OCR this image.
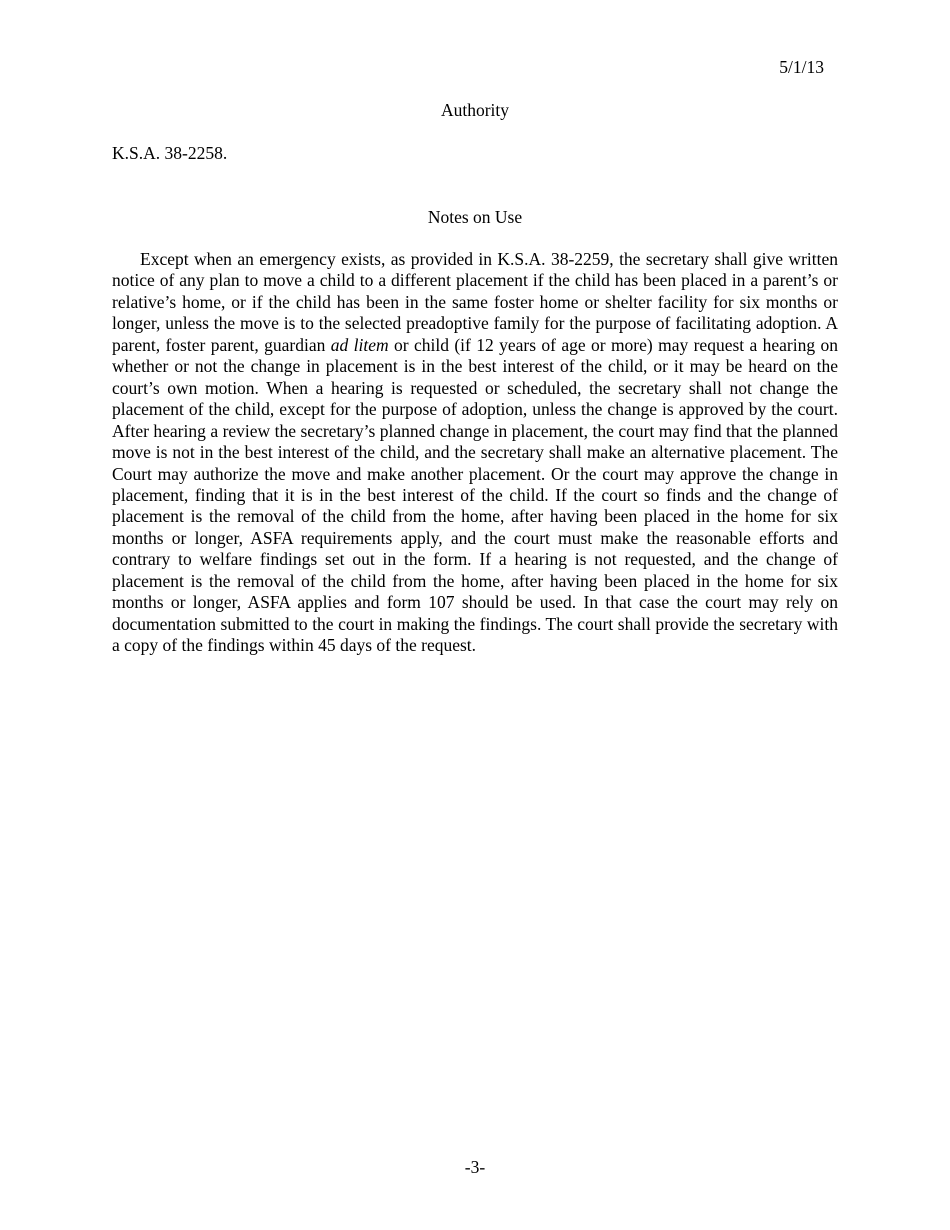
5/1/13
Authority
K.S.A. 38-2258.
Notes on Use

Except when an emergency exists, as provided in K.S.A. 38-2259, the secretary shall give written notice of any plan to move a child to a different placement if the child has been placed in a parent’s or relative’s home, or if the child has been in the same foster home or shelter facility for six months or longer, unless the move is to the selected preadoptive family for the purpose of facilitating adoption. A parent, foster parent, guardian ad litem or child (if 12 years of age or more) may request a hearing on whether or not the change in placement is in the best interest of the child, or it may be heard on the court’s own motion. When a hearing is requested or scheduled, the secretary shall not change the placement of the child, except for the purpose of adoption, unless the change is approved by the court. After hearing a review the secretary’s planned change in placement, the court may find that the planned move is not in the best interest of the child, and the secretary shall make an alternative placement. The Court may authorize the move and make another placement. Or the court may approve the change in placement, finding that it is in the best interest of the child. If the court so finds and the change of placement is the removal of the child from the home, after having been placed in the home for six months or longer, ASFA requirements apply, and the court must make the reasonable efforts and contrary to welfare findings set out in the form. If a hearing is not requested, and the change of placement is the removal of the child from the home, after having been placed in the home for six months or longer, ASFA applies and form 107 should be used. In that case the court may rely on documentation submitted to the court in making the findings. The court shall provide the secretary with a copy of the findings within 45 days of the request.

-3-
